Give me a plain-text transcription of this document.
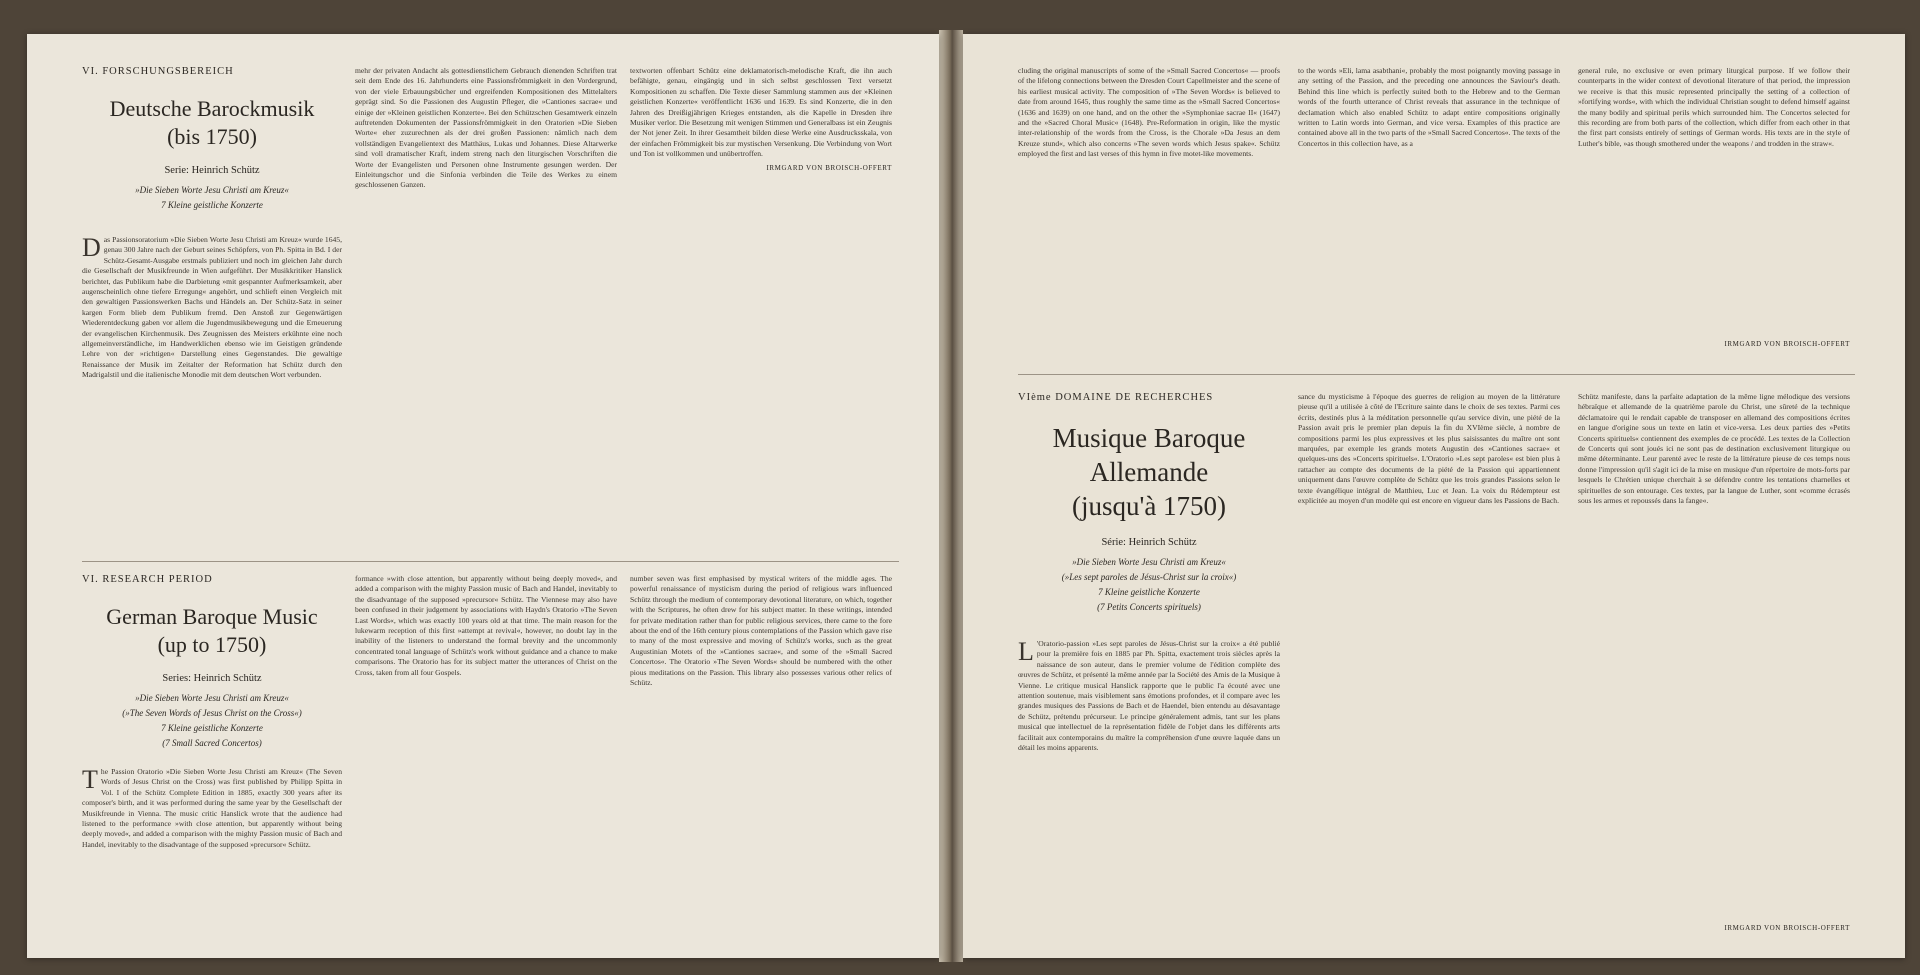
VI. FORSCHUNGSBEREICH
Deutsche Barockmusik
(bis 1750)
Serie: Heinrich Schütz
»Die Sieben Worte Jesu Christi am Kreuz«
7 Kleine geistliche Konzerte
D as Passionsoratorium »Die Sieben Worte Jesu Christi am Kreuz« wurde 1645, genau 300 Jahre nach der Geburt seines Schöpfers, von Ph. Spitta in Bd. I der Schütz-Gesamt-Ausgabe erstmals publiziert und noch im gleichen Jahr durch die Gesellschaft der Musikfreunde in Wien aufgeführt. Der Musikkritiker Hanslick berichtet, das Publikum habe die Darbietung »mit gespannter Aufmerksamkeit, aber augenscheinlich ohne tiefere Erregung« angehört, und schlieft einen Vergleich mit den gewaltigen Passionswerken Bachs und Händels an. Der Schütz-Satz in seiner kargen Form blieb dem Publikum fremd. Den Anstoß zur Gegenwärtigen Wiederentdeckung gaben vor allem die Jugendmusikbewegung und die Erneuerung der evangelischen Kirchenmusik. Des Zeugnissen des Meisters erkühnte eine noch allgemeinverständliche, im Handwerklichen ebenso wie im Geistigen gründende Lehre von der »richtigen« Darstellung eines Gegenstandes. Die gewaltige Renaissance der Musik im Zeitalter der Reformation hat Schütz durch den Madrigalstil und die italienische Monodie mit dem deutschen Wort verbunden.
mehr der privaten Andacht als gottesdienstlichem Gebrauch dienenden Schriften trat seit dem Ende des 16. Jahrhunderts eine Passionsfrömmigkeit in den Vordergrund, von der viele Erbauungsbücher und ergreifenden Kompositionen des Mittelalters geprägt sind. So die Passionen des Augustin Pfleger, die »Cantiones sacrae« und einige der »Kleinen geistlichen Konzerte«. Bei den Schützschen Gesamtwerk einzeln auftretenden Dokumenten der Passionsfrömmigkeit in den Oratorien »Die Sieben Worte« eher zuzurechnen als der drei großen Passionen: nämlich nach dem vollständigen Evangelientext des Matthäus, Lukas und Johannes. Diese Altarwerke sind voll dramatischer Kraft, indem streng nach den liturgischen Vorschriften die Worte der Evangelisten und Personen ohne Instrumente gesungen werden. Der Einleitungschor und die Sinfonia verbinden die Teile des Werkes zu einem geschlossenen Ganzen.
textworten offenbart Schütz eine deklamatorisch-melodische Kraft, die ihn auch befähigte, genau, eingängig und in sich selbst geschlossen Text versetzt Kompositionen zu schaffen. Die Texte dieser Sammlung stammen aus der »Kleinen geistlichen Konzerte« veröffentlicht 1636 und 1639. Es sind Konzerte, die in den Jahren des Dreißigjährigen Krieges entstanden, als die Kapelle in Dresden ihre Musiker verlor. Die Besetzung mit wenigen Stimmen und Generalbass ist ein Zeugnis der Not jener Zeit. In ihrer Gesamtheit bilden diese Werke eine Ausdrucksskala, von der einfachen Frömmigkeit bis zur mystischen Versenkung. Die Verbindung von Wort und Ton ist vollkommen und unübertroffen.
IRMGARD VON BROISCH-OFFERT
VI. RESEARCH PERIOD
German Baroque Music
(up to 1750)
Series: Heinrich Schütz
»Die Sieben Worte Jesu Christi am Kreuz«
(»The Seven Words of Jesus Christ on the Cross«)
7 Kleine geistliche Konzerte
(7 Small Sacred Concertos)
T he Passion Oratorio »Die Sieben Worte Jesu Christi am Kreuz« (The Seven Words of Jesus Christ on the Cross) was first published by Philipp Spitta in Vol. I of the Schütz Complete Edition in 1885, exactly 300 years after its composer's birth, and it was performed during the same year by the Gesellschaft der Musikfreunde in Vienna. The music critic Hanslick wrote that the audience had listened to the performance »with close attention, but apparently without being deeply moved«, and added a comparison with the mighty Passion music of Bach and Handel, inevitably to the disadvantage of the supposed »precursor« Schütz.
formance »with close attention, but apparently without being deeply moved«, and added a comparison with the mighty Passion music of Bach and Handel, inevitably to the disadvantage of the supposed »precursor« Schütz. The Viennese may also have been confused in their judgement by associations with Haydn's Oratorio »The Seven Last Words«, which was exactly 100 years old at that time. The main reason for the lukewarm reception of this first »attempt at revival«, however, no doubt lay in the inability of the listeners to understand the formal brevity and the uncommonly concentrated tonal language of Schütz's work without guidance and a chance to make comparisons. The Oratorio has for its subject matter the utterances of Christ on the Cross, taken from all four Gospels.
number seven was first emphasised by mystical writers of the middle ages. The powerful renaissance of mysticism during the period of religious wars influenced Schütz through the medium of contemporary devotional literature, on which, together with the Scriptures, he often drew for his subject matter. In these writings, intended for private meditation rather than for public religious services, there came to the fore about the end of the 16th century pious contemplations of the Passion which gave rise to many of the most expressive and moving of Schütz's works, such as the great Augustinian Motets of the »Cantiones sacrae«, and some of the »Small Sacred Concertos«. The Oratorio »The Seven Words« should be numbered with the other pious meditations on the Passion. This library also possesses various other relics of Schütz.
cluding the original manuscripts of some of the »Small Sacred Concertos« — proofs of the lifelong connections between the Dresden Court Capellmeister and the scene of his earliest musical activity. The composition of »The Seven Words« is believed to date from around 1645, thus roughly the same time as the »Small Sacred Concertos« (1636 and 1639) on one hand, and on the other the »Symphoniae sacrae II« (1647) and the »Sacred Choral Music« (1648). Pre-Reformation in origin, like the mystic inter-relationship of the words from the Cross, is the Chorale »Da Jesus an dem Kreuze stund«, which also concerns »The seven words which Jesus spake«. Schütz employed the first and last verses of this hymn in five motet-like movements.
to the words »Eli, lama asabthani«, probably the most poignantly moving passage in any setting of the Passion, and the preceding one announces the Saviour's death. Behind this line which is perfectly suited both to the Hebrew and to the German words of the fourth utterance of Christ reveals that assurance in the technique of declamation which also enabled Schütz to adapt entire compositions originally written to Latin words into German, and vice versa. Examples of this practice are contained above all in the two parts of the »Small Sacred Concertos«. The texts of the Concertos in this collection have, as a
general rule, no exclusive or even primary liturgical purpose. If we follow their counterparts in the wider context of devotional literature of that period, the impression we receive is that this music represented principally the setting of a collection of »fortifying words«, with which the individual Christian sought to defend himself against the many bodily and spiritual perils which surrounded him. The Concertos selected for this recording are from both parts of the collection, which differ from each other in that the first part consists entirely of settings of German words. His texts are in the style of Luther's bible, »as though smothered under the weapons / and trodden in the straw«.
IRMGARD VON BROISCH-OFFERT
VIème DOMAINE DE RECHERCHES
Musique Baroque Allemande
(jusqu'à 1750)
Série: Heinrich Schütz
»Die Sieben Worte Jesu Christi am Kreuz«
(»Les sept paroles de Jésus-Christ sur la croix«)
7 Kleine geistliche Konzerte
(7 Petits Concerts spirituels)
L 'Oratorio-passion »Les sept paroles de Jésus-Christ sur la croix« a été publié pour la première fois en 1885 par Ph. Spitta, exactement trois siècles après la naissance de son auteur, dans le premier volume de l'édition complète des œuvres de Schütz, et présenté la même année par la Société des Amis de la Musique à Vienne. Le critique musical Hanslick rapporte que le public l'a écouté avec une attention soutenue, mais visiblement sans émotions profondes, et il compare avec les grandes musiques des Passions de Bach et de Haendel, bien entendu au désavantage de Schütz, prétendu précurseur. Le principe généralement admis, tant sur les plans musical que intellectuel de la représentation fidèle de l'objet dans les différents arts facilitait aux contemporains du maître la compréhension d'une œuvre laquée dans un détail les moins apparents.
sance du mysticisme à l'époque des guerres de religion au moyen de la littérature pieuse qu'il a utilisée à côté de l'Ecriture sainte dans le choix de ses textes. Parmi ces écrits, destinés plus à la méditation personnelle qu'au service divin, une piété de la Passion avait pris le premier plan depuis la fin du XVIème siècle, à nombre de compositions parmi les plus expressives et les plus saisissantes du maître ont sont marquées, par exemple les grands motets Augustin des »Cantiones sacrae« et quelques-uns des »Concerts spirituels«. L'Oratorio »Les sept paroles« est bien plus à rattacher au compte des documents de la piété de la Passion qui appartiennent uniquement dans l'œuvre complète de Schütz que les trois grandes Passions selon le texte évangélique intégral de Matthieu, Luc et Jean. La voix du Rédempteur est explicitée au moyen d'un modèle qui est encore en vigueur dans les Passions de Bach.
Schütz manifeste, dans la parfaite adaptation de la même ligne mélodique des versions hébraïque et allemande de la quatrième parole du Christ, une sûreté de la technique déclamatoire qui le rendait capable de transposer en allemand des compositions écrites en langue d'origine sous un texte en latin et vice-versa. Les deux parties des »Petits Concerts spirituels« contiennent des exemples de ce procédé. Les textes de la Collection de Concerts qui sont joués ici ne sont pas de destination exclusivement liturgique ou même déterminante. Leur parenté avec le reste de la littérature pieuse de ces temps nous donne l'impression qu'il s'agit ici de la mise en musique d'un répertoire de mots-forts par lesquels le Chrétien unique cherchait à se défendre contre les tentations charnelles et spirituelles de son entourage. Ces textes, par la langue de Luther, sont »comme écrasés sous les armes et repoussés dans la fange«.
IRMGARD VON BROISCH-OFFERT
